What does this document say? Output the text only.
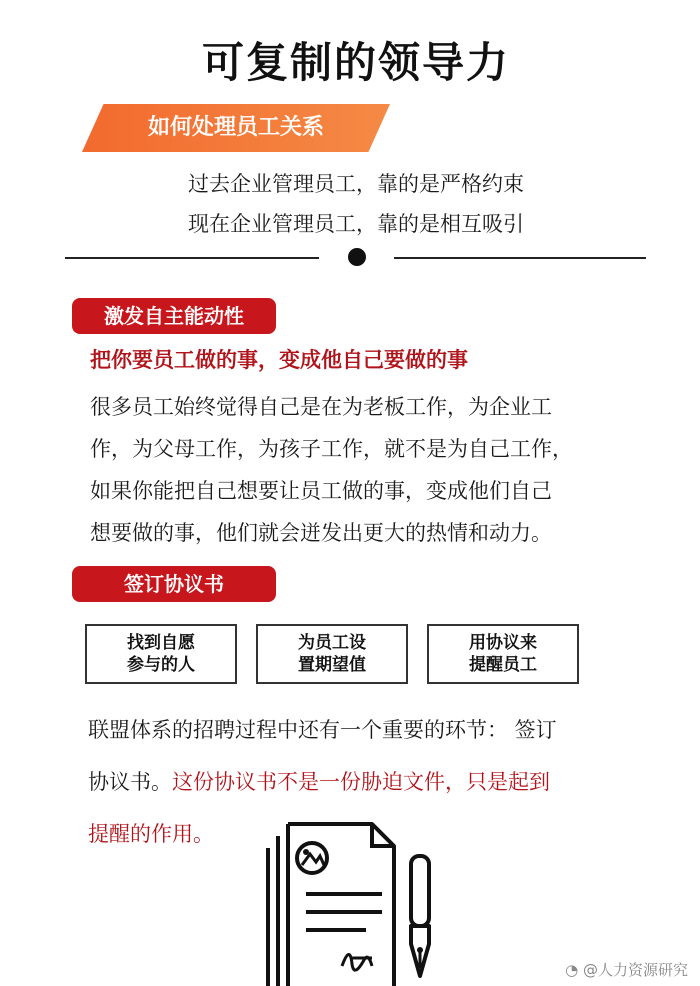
可复制的领导力
如何处理员工关系
过去企业管理员工，靠的是严格约束
现在企业管理员工，靠的是相互吸引
激发自主能动性
把你要员工做的事，变成他自己要做的事
很多员工始终觉得自己是在为老板工作，为企业工
作，为父母工作，为孩子工作，就不是为自己工作，
如果你能把自己想要让员工做的事，变成他们自己
想要做的事，他们就会迸发出更大的热情和动力。
签订协议书
找到自愿
参与的人
为员工设
置期望值
用协议来
提醒员工
联盟体系的招聘过程中还有一个重要的环节： 签订
协议书。这份协议书不是一份胁迫文件，只是起到
提醒的作用。
◔ @人力资源研究
